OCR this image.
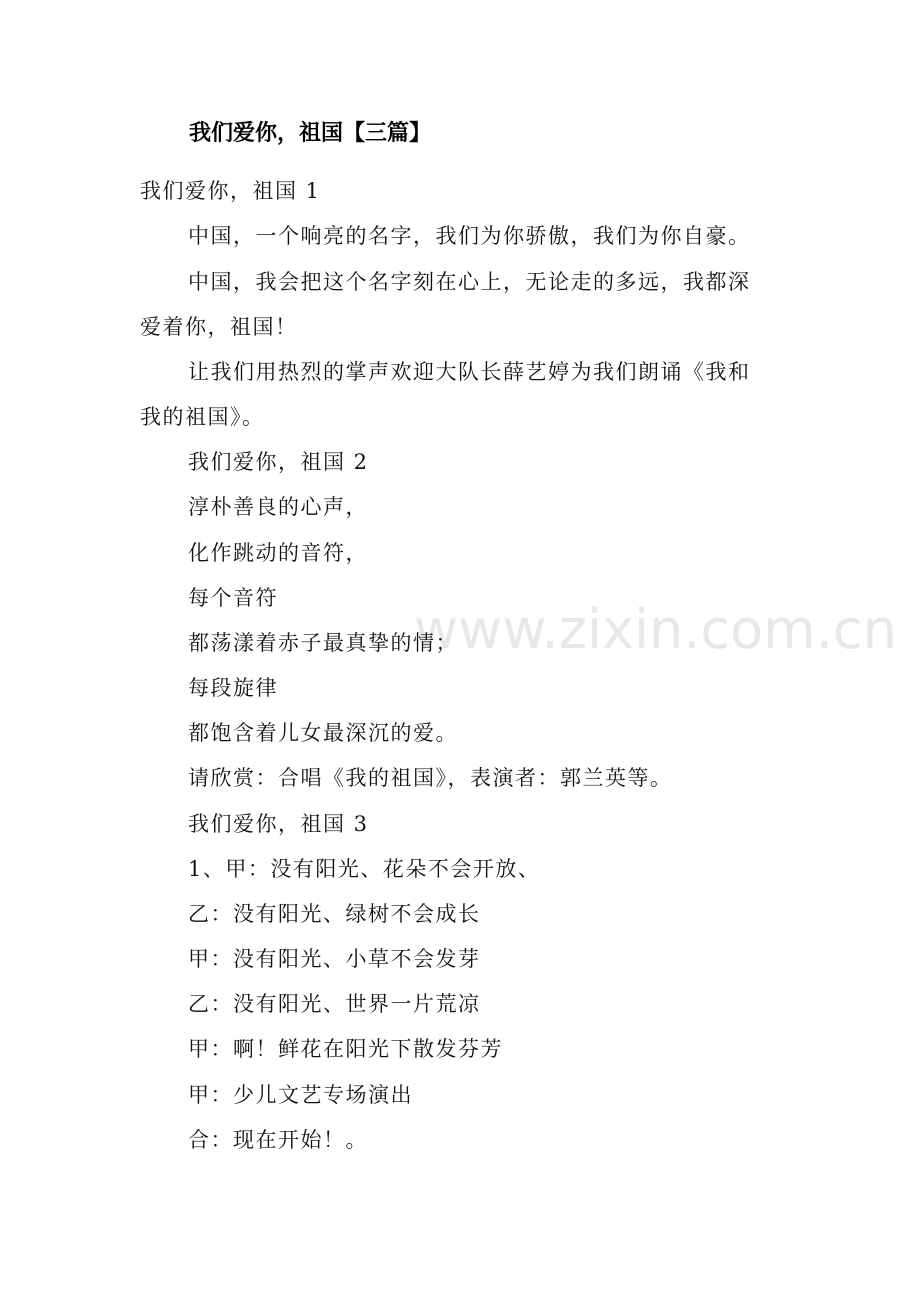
www.zixin.com.cn
我们爱你，祖国【三篇】
我们爱你，祖国 1
中国，一个响亮的名字，我们为你骄傲，我们为你自豪。
中国，我会把这个名字刻在心上，无论走的多远，我都深
爱着你，祖国！
让我们用热烈的掌声欢迎大队长薛艺婷为我们朗诵《我和
我的祖国》。
我们爱你，祖国 2
淳朴善良的心声，
化作跳动的音符，
每个音符
都荡漾着赤子最真挚的情；
每段旋律
都饱含着儿女最深沉的爱。
请欣赏：合唱《我的祖国》，表演者：郭兰英等。
我们爱你，祖国 3
1、甲：没有阳光、花朵不会开放、
乙：没有阳光、绿树不会成长
甲：没有阳光、小草不会发芽
乙：没有阳光、世界一片荒凉
甲：啊！鲜花在阳光下散发芬芳
甲：少儿文艺专场演出
合：现在开始！。
